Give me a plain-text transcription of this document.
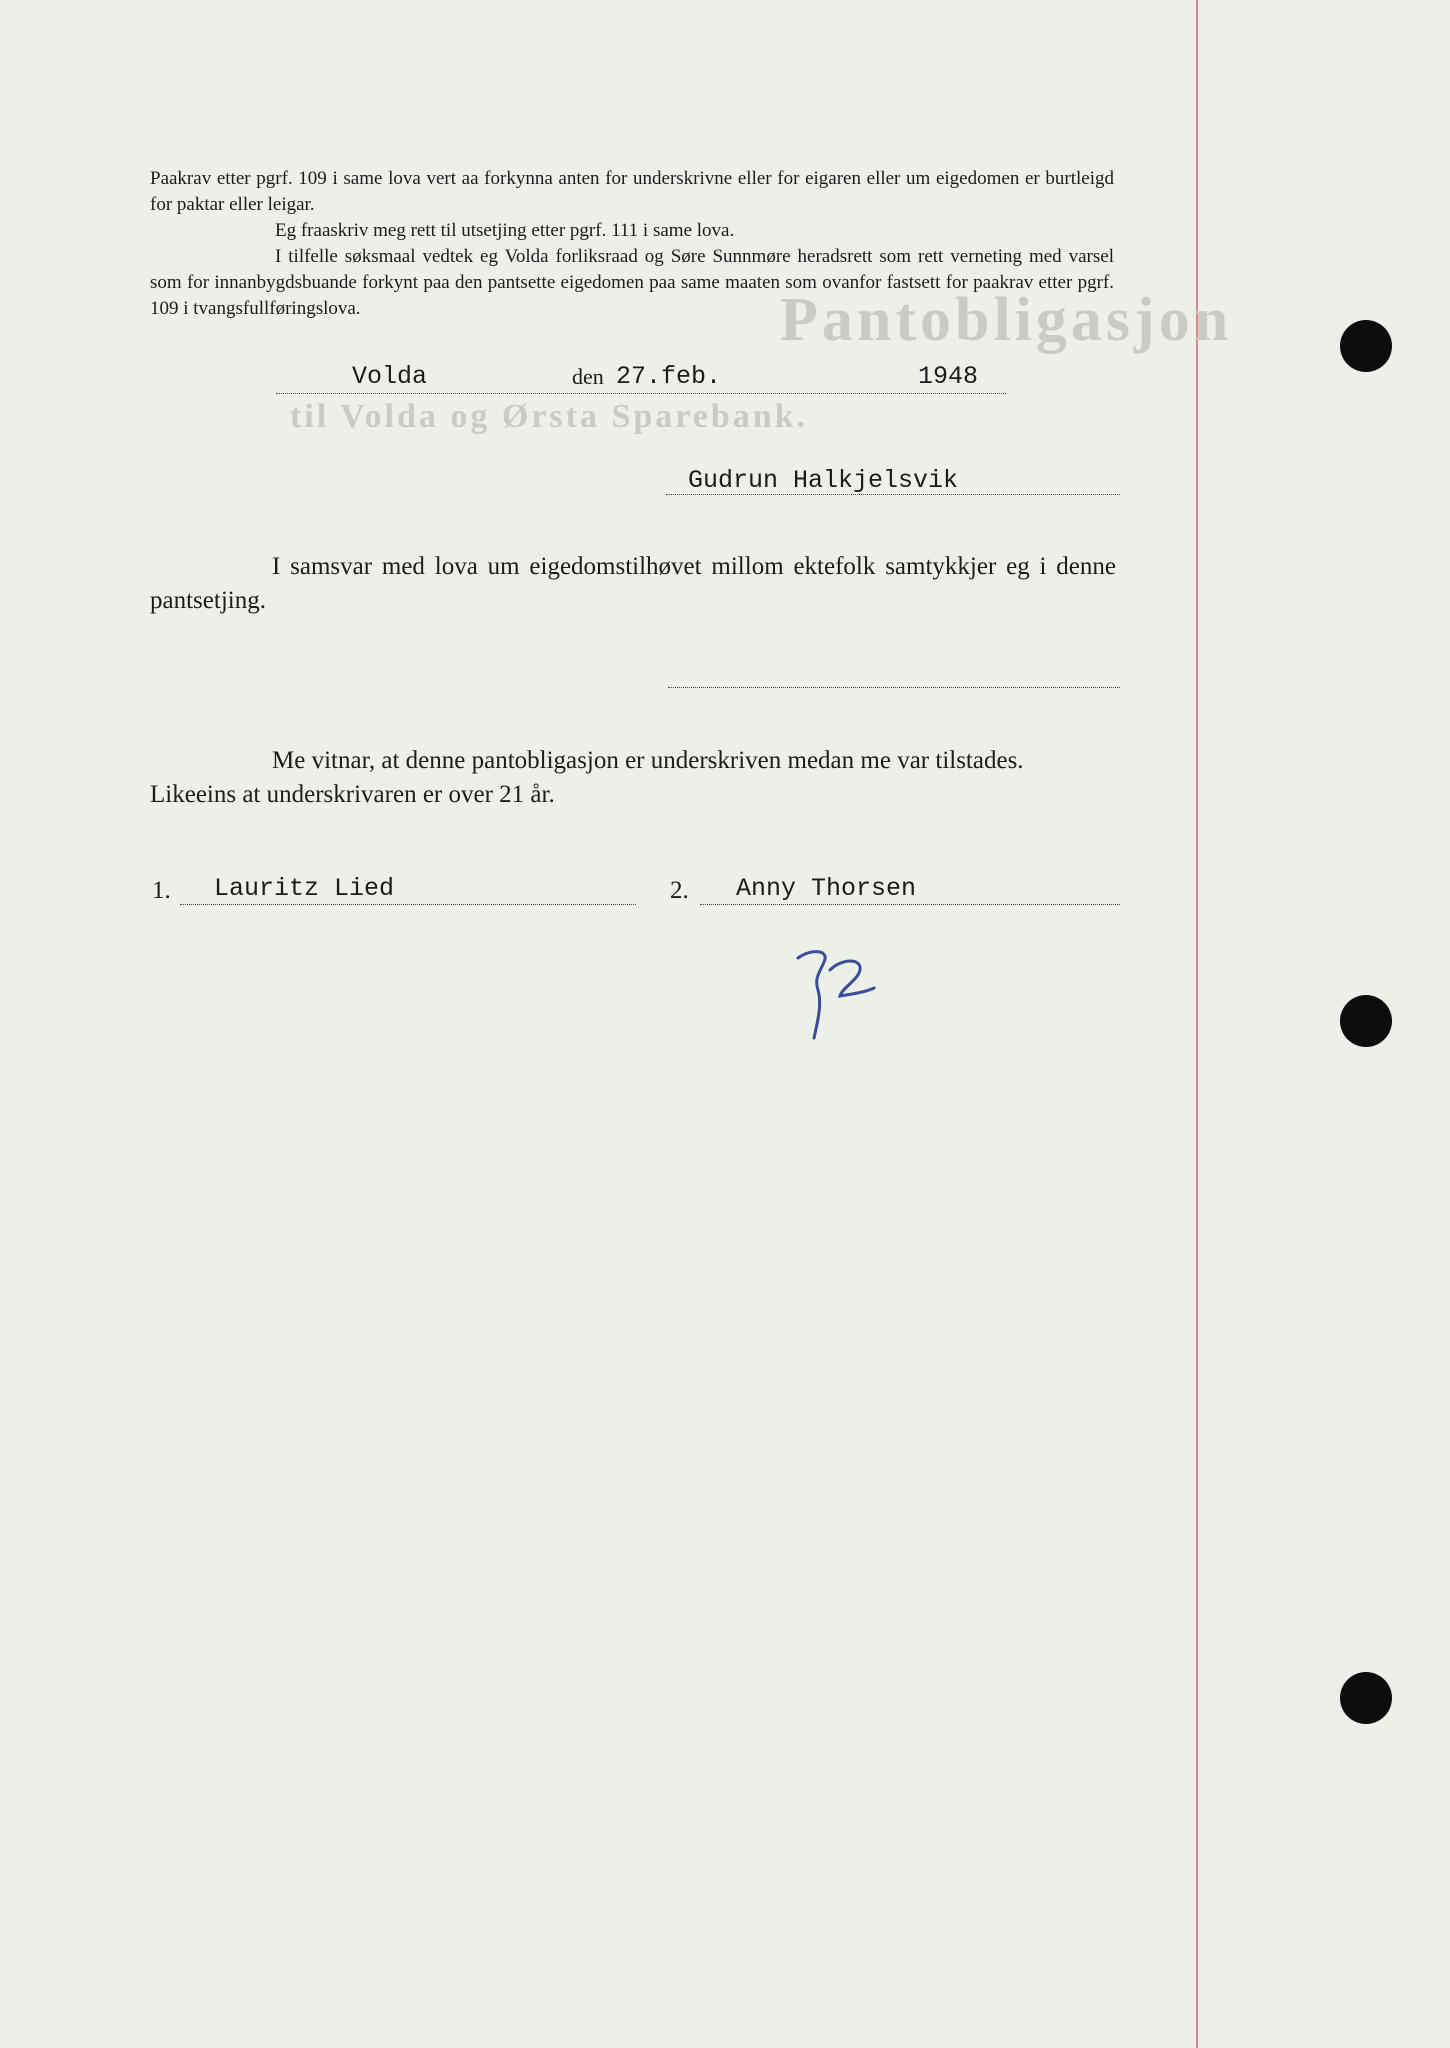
Pantobligasjon
til Volda og Ørsta Sparebank.

Paakrav etter pgrf. 109 i same lova vert aa forkynna anten for underskrivne eller for eigaren eller um eigedomen er burtleigd for paktar eller leigar.

Eg fraaskriv meg rett til utsetjing etter pgrf. 111 i same lova.

I tilfelle søksmaal vedtek eg Volda forliksraad og Søre Sunnmøre heradsrett som rett verneting med varsel som for innanbygdsbuande forkynt paa den pantsette eigedomen paa same maaten som ovanfor fastsett for paakrav etter pgrf. 109 i tvangsfullføringslova.

Volda	den 27.feb.	1948
Gudrun Halkjelsvik

I samsvar med lova um eigedomstilhøvet millom ektefolk samtykkjer eg i denne pantsetjing.

Me vitnar, at denne pantobligasjon er underskriven medan me var tilstades.

Likeeins at underskrivaren er over 21 år.

1. Lauritz Lied	2. Anny Thorsen
